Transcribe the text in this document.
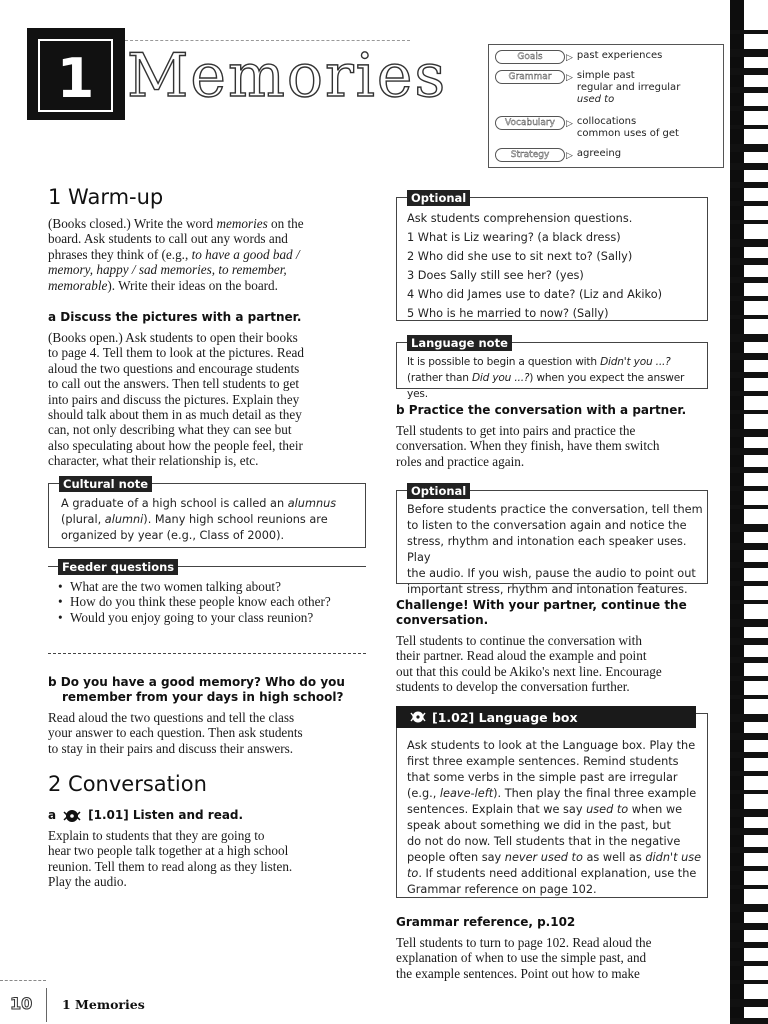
1 Memories	Goals	▷ past experiences
Grammar	▷ simple past
regular and irregular
used to
Vocabulary	▷ collocations
common uses of get
Strategy	▷ agreeing
1 Warm-up
(Books closed.) Write the word memories on the
board. Ask students to call out any words and
phrases they think of (e.g., to have a good bad /
memory, happy / sad memories, to remember,
memorable). Write their ideas on the board.
a Discuss the pictures with a partner.
(Books open.) Ask students to open their books
to page 4. Tell them to look at the pictures. Read
aloud the two questions and encourage students
to call out the answers. Then tell students to get
into pairs and discuss the pictures. Explain they
should talk about them in as much detail as they
can, not only describing what they can see but
also speculating about how the people feel, their
character, what their relationship is, etc.
Cultural note
A graduate of a high school is called an alumnus
(plural, alumni). Many high school reunions are
organized by year (e.g., Class of 2000).
Feeder questions
• What are the two women talking about?
• How do you think these people know each other?
• Would you enjoy going to your class reunion?
b Do you have a good memory? Who do you
remember from your days in high school?
Read aloud the two questions and tell the class
your answer to each question. Then ask students
to stay in their pairs and discuss their answers.
2 Conversation
a	[1.01] Listen and read.
Explain to students that they are going to
hear two people talk together at a high school
reunion. Tell them to read along as they listen.
Play the audio.
Optional
Ask students comprehension questions.
1 What is Liz wearing? (a black dress)
2 Who did she use to sit next to? (Sally)
3 Does Sally still see her? (yes)
4 Who did James use to date? (Liz and Akiko)
5 Who is he married to now? (Sally)
Language note
It is possible to begin a question with Didn't you ...?
(rather than Did you ...?) when you expect the answer yes.
b Practice the conversation with a partner.
Tell students to get into pairs and practice the
conversation. When they finish, have them switch
roles and practice again.
Optional
Before students practice the conversation, tell them
to listen to the conversation again and notice the
stress, rhythm and intonation each speaker uses. Play
the audio. If you wish, pause the audio to point out
important stress, rhythm and intonation features.
Challenge! With your partner, continue the
conversation.
Tell students to continue the conversation with
their partner. Read aloud the example and point
out that this could be Akiko's next line. Encourage
students to develop the conversation further.
[1.02] Language box
Ask students to look at the Language box. Play the
first three example sentences. Remind students
that some verbs in the simple past are irregular
(e.g., leave-left). Then play the final three example
sentences. Explain that we say used to when we
speak about something we did in the past, but
do not do now. Tell students that in the negative
people often say never used to as well as didn't use
to. If students need additional explanation, use the
Grammar reference on page 102.
Grammar reference, p.102
Tell students to turn to page 102. Read aloud the
explanation of when to use the simple past, and
the example sentences. Point out how to make
10 1 Memories
